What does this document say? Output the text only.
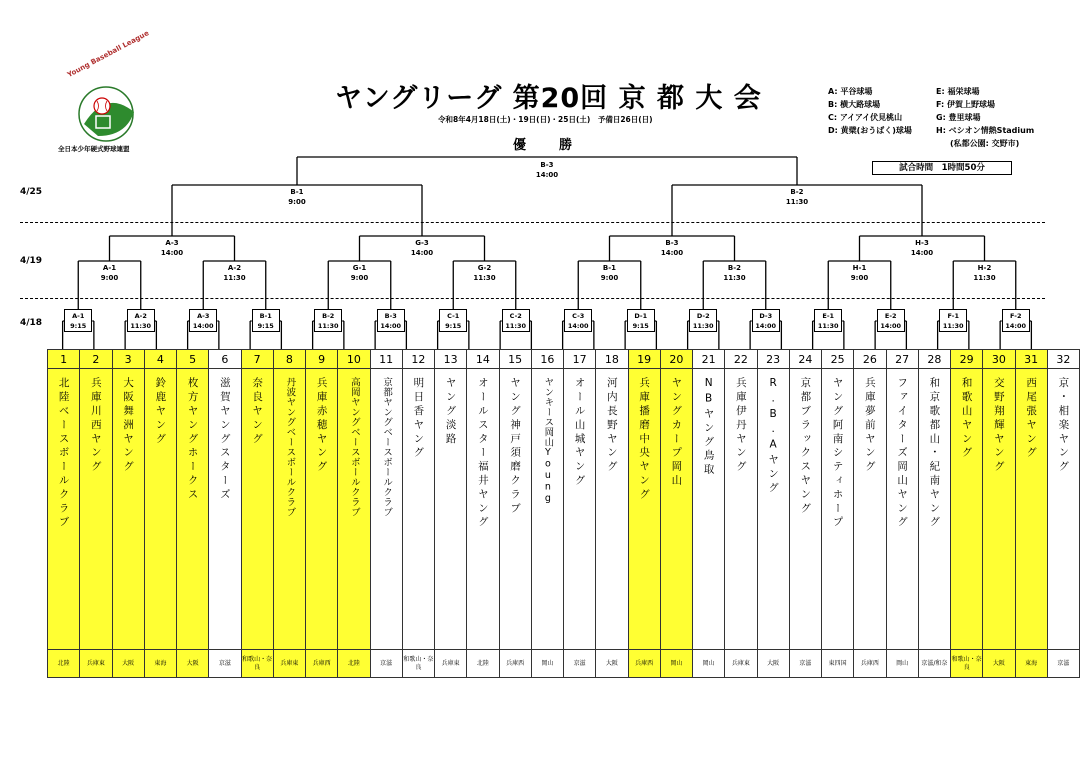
Young Baseball League
全日本少年硬式野球連盟
ヤングリーグ 第20回 京 都 大 会
令和8年4月18日(土)・19日(日)・25日(土)　予備日26日(日)
優　勝
A: 平谷球場
B: 横大路球場
C: アイアイ伏見桃山
D: 黄檗(おうばく)球場
E: 福栄球場
F: 伊賀上野球場
G: 豊里球場
H: ベシオン情熱Stadium
(私都公園: 交野市)
試合時間　1時間50分
4/25
4/19
4/18
A-1
9:15
A-2
11:30
A-3
14:00
B-1
9:15
B-2
11:30
B-3
14:00
C-1
9:15
C-2
11:30
C-3
14:00
D-1
9:15
D-2
11:30
D-3
14:00
E-1
11:30
E-2
14:00
F-1
11:30
F-2
14:00
A-1
9:00
A-2
11:30
G-1
9:00
G-2
11:30
B-1
9:00
B-2
11:30
H-1
9:00
H-2
11:30
A-3
14:00
G-3
14:00
B-3
14:00
H-3
14:00
B-1
9:00
B-2
11:30
B-3
14:00
1	2	3	4	5	6	7	8	9	10	11	12	13	14	15	16	17	18	19	20	21	22	23	24	25	26	27	28	29	30	31	32

北陸ベースボールクラブ	兵庫川西ヤング	大阪舞洲ヤング	鈴鹿ヤング	枚方ヤングホークス	滋賀ヤングスターズ	奈良ヤング	丹波ヤングベースボールクラブ	兵庫赤穂ヤング	高岡ヤングベースボールクラブ	京都ヤングベースボールクラブ	明日香ヤング	ヤング淡路	オールスター福井ヤング	ヤング神戸須磨クラブ	ヤンキース岡山Young	オール山城ヤング	河内長野ヤング	兵庫播磨中央ヤング	ヤングカープ岡山	NBヤング鳥取	兵庫伊丹ヤング	R.B.Aヤング	京都ブラックスヤング	ヤング阿南シティホープ	兵庫夢前ヤング	ファイターズ岡山ヤング	和京歌都山・紀南ヤング	和歌山ヤング	交野翔輝ヤング	西尾張ヤング	京・相楽ヤング

北陸	兵庫東	大阪	東海	大阪	京滋	和歌山・奈良	兵庫東	兵庫西	北陸	京滋	和歌山・奈良	兵庫東	北陸	兵庫西	岡山	京滋	大阪	兵庫西	岡山	岡山	兵庫東	大阪	京滋	東四国	兵庫西	岡山	京滋/和奈	和歌山・奈良	大阪	東海	京滋
